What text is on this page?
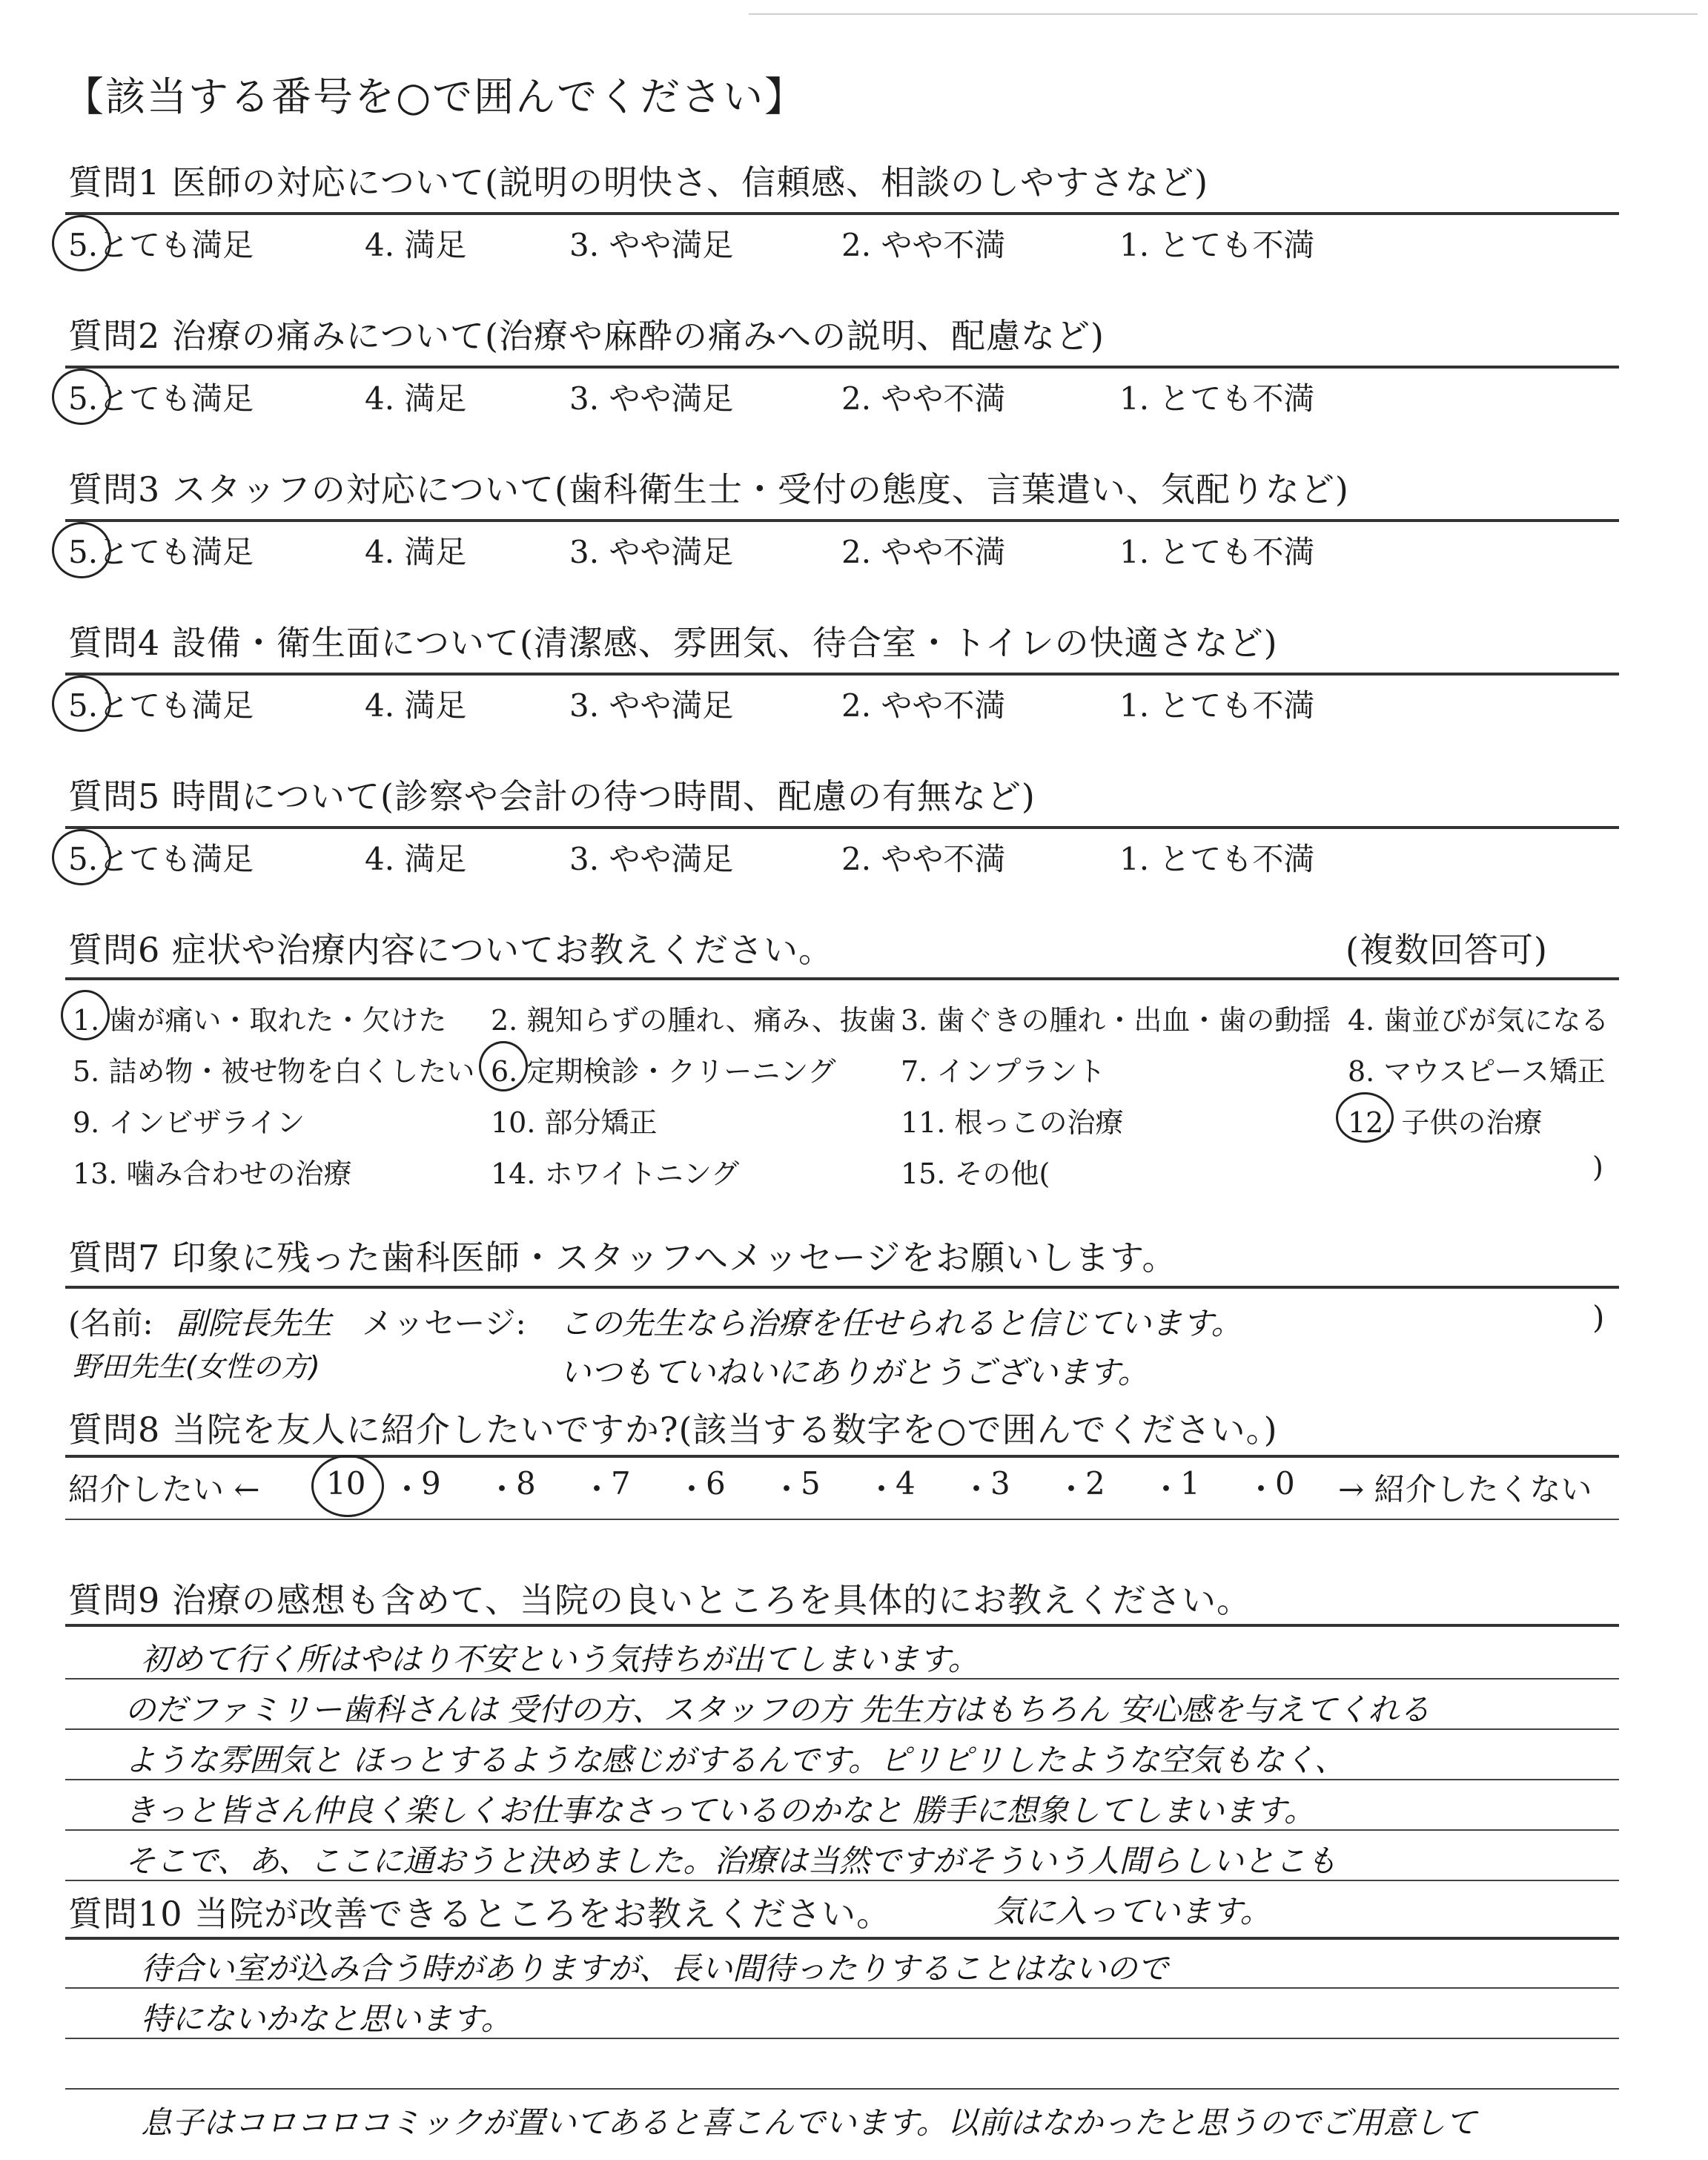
【該当する番号を○で囲んでください】
質問1 医師の対応について(説明の明快さ、信頼感、相談のしやすさなど)
5.とても満足	4. 満足	3. やや満足	2. やや不満	1. とても不満
質問2 治療の痛みについて(治療や麻酔の痛みへの説明、配慮など)
5.とても満足	4. 満足	3. やや満足	2. やや不満	1. とても不満
質問3 スタッフの対応について(歯科衛生士・受付の態度、言葉遣い、気配りなど)
5.とても満足	4. 満足	3. やや満足	2. やや不満	1. とても不満
質問4 設備・衛生面について(清潔感、雰囲気、待合室・トイレの快適さなど)
5.とても満足	4. 満足	3. やや満足	2. やや不満	1. とても不満
質問5 時間について(診察や会計の待つ時間、配慮の有無など)
5.とても満足	4. 満足	3. やや満足	2. やや不満	1. とても不満
質問6 症状や治療内容についてお教えください。	(複数回答可)
1. 歯が痛い・取れた・欠けた 2. 親知らずの腫れ、痛み、抜歯 3. 歯ぐきの腫れ・出血・歯の動揺 4. 歯並びが気になる
5. 詰め物・被せ物を白くしたい 6. 定期検診・クリーニング 7. インプラント	8. マウスピース矯正
9. インビザライン	10. 部分矯正	11. 根っこの治療	12. 子供の治療
13. 噛み合わせの治療	14. ホワイトニング	15. その他(	)
質問7 印象に残った歯科医師・スタッフへメッセージをお願いします。
(名前: 副院長先生 メッセージ: この先生なら治療を任せられると信じています。	)
野田先生(女性の方)	いつもていねいにありがとうございます。
質問8 当院を友人に紹介したいですか?(該当する数字を○で囲んでください。)
紹介したい ← 10 ・
9 ・
8 ・
7 ・
6 ・
5 ・
4 ・
3 ・
2 ・
1 ・
0 → 紹介したくない
質問9 治療の感想も含めて、当院の良いところを具体的にお教えください。
初めて行く所はやはり不安という気持ちが出てしまいます。
のだファミリー歯科さんは 受付の方、スタッフの方 先生方はもちろん 安心感を与えてくれる
ような雰囲気と ほっとするような感じがするんです。ピリピリしたような空気もなく、
きっと皆さん仲良く楽しくお仕事なさっているのかなと 勝手に想象してしまいます。
そこで、あ、ここに通おうと決めました。治療は当然ですがそういう人間らしいとこも
質問10 当院が改善できるところをお教えください。	気に入っています。
待合い室が込み合う時がありますが、長い間待ったりすることはないので
特にないかなと思います。
息子はコロコロコミックが置いてあると喜こんでいます。以前はなかったと思うのでご用意して
